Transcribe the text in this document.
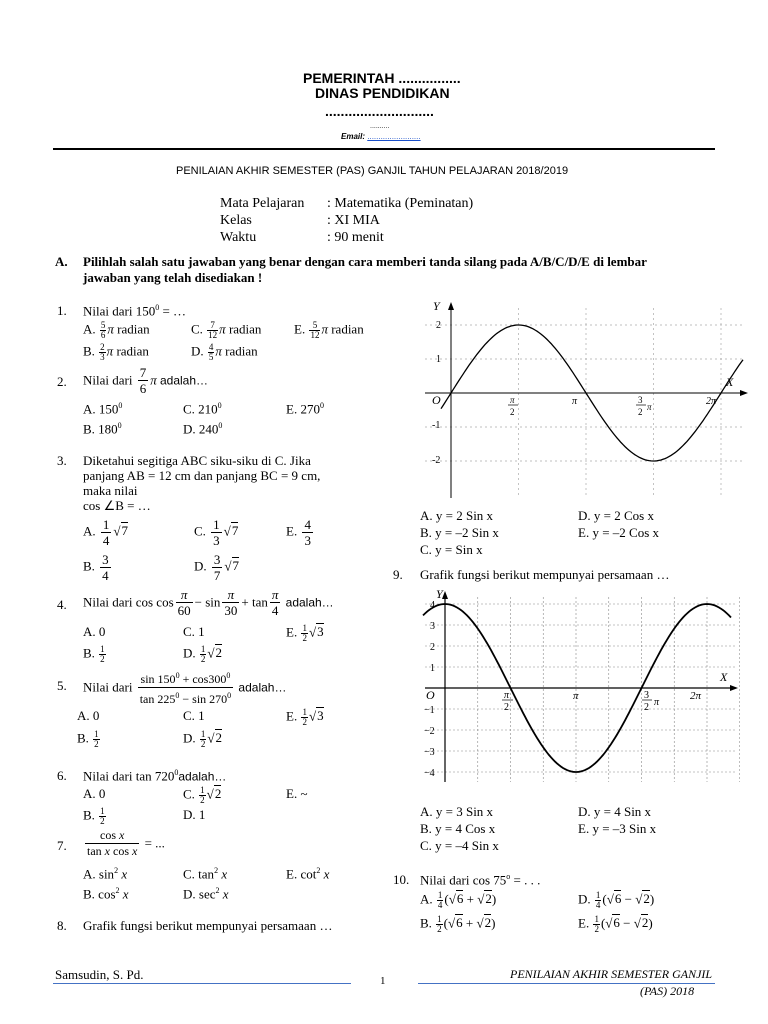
PEMERINTAH ................
DINAS PENDIDIKAN
............................
..........
Email: ........................
PENILAIAN AKHIR SEMESTER (PAS) GANJIL TAHUN PELAJARAN 2018/2019
Mata Pelajaran : Matematika (Peminatan)
Kelas	: XI MIA
Waktu	: 90 menit
A. Pilihlah salah satu jawaban yang benar dengan cara memberi tanda silang pada A/B/C/D/E di lembar
jawaban yang telah disediakan !
1. Nilai dari $150^0$ = …
A. $\frac{5}{6}$ π radian	C. $\frac{7}{12}$ π radian	E. $\frac{5}{12}$ π radian
B. $\frac{2}{3}$ π radian	D. $\frac{4}{5}$ π radian
2. Nilai dari $\frac{7}{6}$ π adalah…
A. $150^0$	C. $210^0$	E. $270^0$
B. $180^0$	D. $240^0$
3. Diketahui segitiga ABC siku-siku di C. Jika
panjang AB = 12 cm dan panjang BC = 9 cm,
maka nilai
cos ∠B = …
A. $\frac{1}{4} √7$	C. $\frac{1}{3} √7$	E. $\frac{4}{3}$
B. $\frac{3}{4}$	D. $\frac{3}{7} √7$
4. Nilai dari $\cos \cos \frac{\pi}{60} - \sin \frac{\pi}{30} + \tan \frac{\pi}{4}$ adalah…
A. 0	C. 1	E. $\frac{1}{2} √3$
B. $\frac{1}{2}$	D. $\frac{1}{2} √2$
5. Nilai dari $\frac{\sin 150^0 + \cos 300^0}{\tan 225^0 - \sin 270^0}$ adalah…
A. 0	C. 1	E. $\frac{1}{2} √3$
B. $\frac{1}{2}$	D. $\frac{1}{2} √2$
6. Nilai dari $\tan 720^0adalah\dots$
A. 0	C. $\frac{1}{2} √2$	E. ~
B. $\frac{1}{2}$	D. 1
7. $\frac{\text{cos x}}{\text{tan x cos x}}$ = ...
A. $\sin^2 x$	C. $\tan^2 x$	E. $\cot^2 x$
B. $\cos^2 x$	D. $\sec^2 x$
8. Grafik fungsi berikut mempunyai persamaan …
Y
X
O
2
1
-1
-2
π
2
π	3
2 π	2π
A. y = 2 Sin x	D. y = 2 Cos x
B. y = –2 Sin x	E. y = –2 Cos x
C. y = Sin x
9. Grafik fungsi berikut mempunyai persamaan …
Y
X
O
4
3
2
1
−1
−2
−3
−4
π
2
π	3
2 π
2π
A. y = 3 Sin x	D. y = 4 Sin x
B. y = 4 Cos x	E. y = –3 Sin x
C. y = –4 Sin x
10. Nilai dari $\cos 75^o$ = . . .
A. $\frac{1}{4} (√6 + √2)$	D. $\frac{1}{4} (√6 - √2)$
B. $\frac{1}{2} (√6 + √2)$	E. $\frac{1}{2} (√6 - √2)$
Samsudin, S. Pd.	1	PENILAIAN AKHIR SEMESTER GANJIL
(PAS) 2018
